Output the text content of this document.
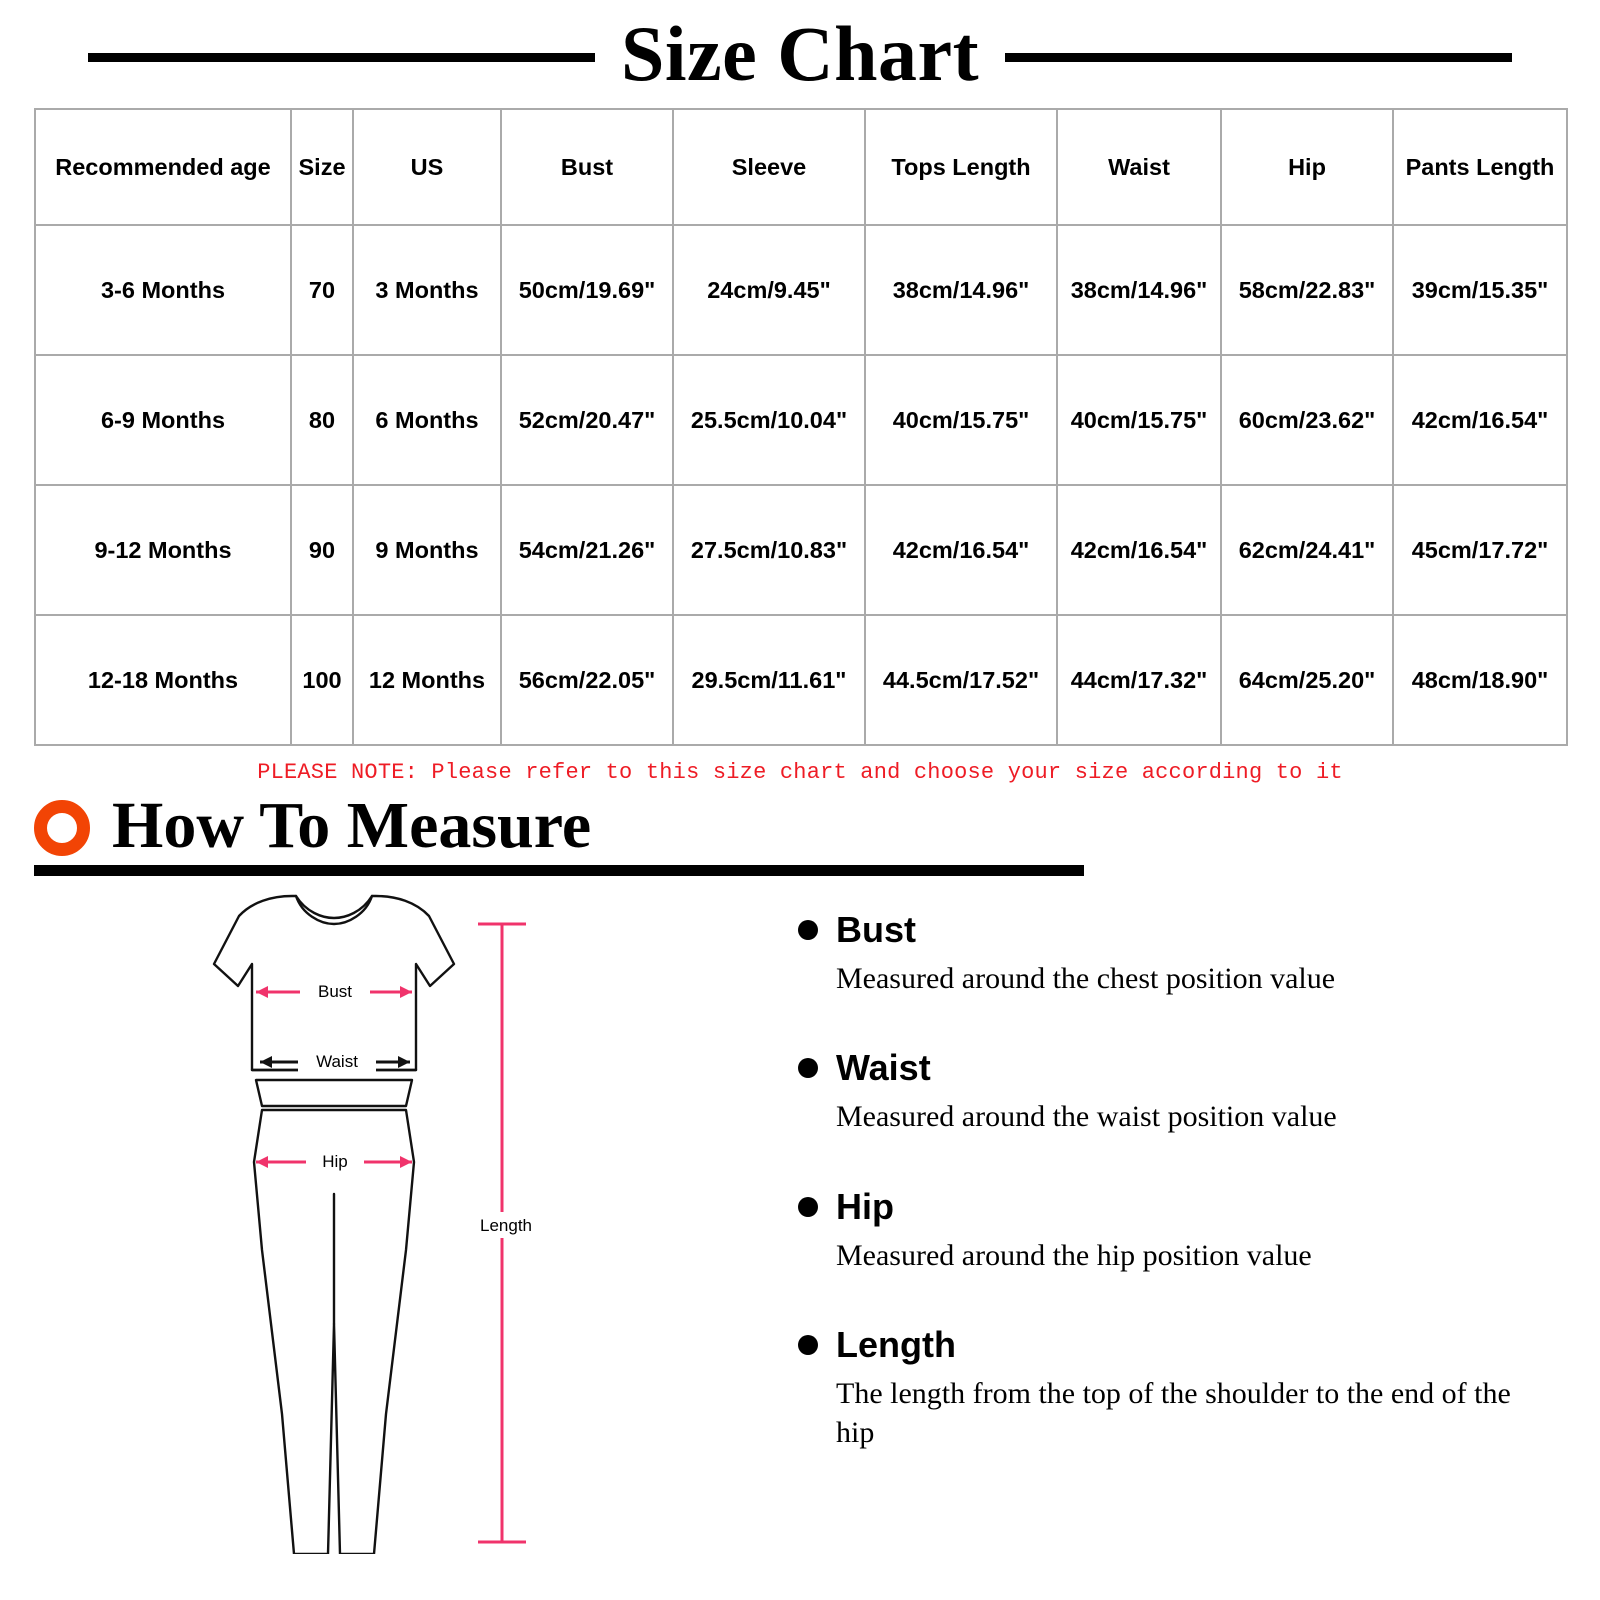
Size Chart
Recommended age	Size	US	Bust	Sleeve	Tops Length	Waist	Hip	Pants Length
3-6 Months	70	3 Months	50cm/19.69"	24cm/9.45"	38cm/14.96"	38cm/14.96"	58cm/22.83"	39cm/15.35"
6-9 Months	80	6 Months	52cm/20.47"	25.5cm/10.04"	40cm/15.75"	40cm/15.75"	60cm/23.62"	42cm/16.54"
9-12 Months	90	9 Months	54cm/21.26"	27.5cm/10.83"	42cm/16.54"	42cm/16.54"	62cm/24.41"	45cm/17.72"
12-18 Months	100	12 Months	56cm/22.05"	29.5cm/11.61"	44.5cm/17.52"	44cm/17.32"	64cm/25.20"	48cm/18.90"
PLEASE NOTE: Please refer to this size chart and choose your size according to it
How To Measure
Bust
Waist
Hip
Length
Bust
Measured around the chest position value
Waist
Measured around the waist position value
Hip
Measured around the hip position value
Length
The length from the top of the shoulder to the end of the hip
